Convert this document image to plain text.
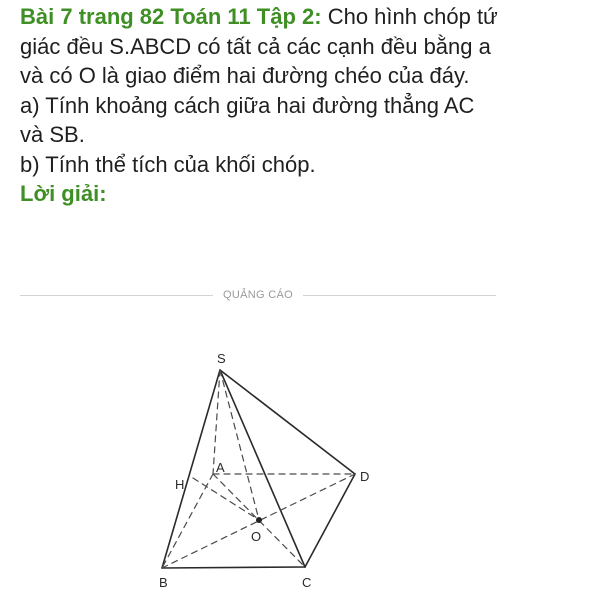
Bài 7 trang 82 Toán 11 Tập 2: Cho hình chóp tứ giác đều S.ABCD có tất cả các cạnh đều bằng a và có O là giao điểm hai đường chéo của đáy.

a) Tính khoảng cách giữa hai đường thẳng AC và SB.

b) Tính thể tích của khối chóp.

Lời giải:

QUẢNG CÁO
S
A
B	C
D
H
O
